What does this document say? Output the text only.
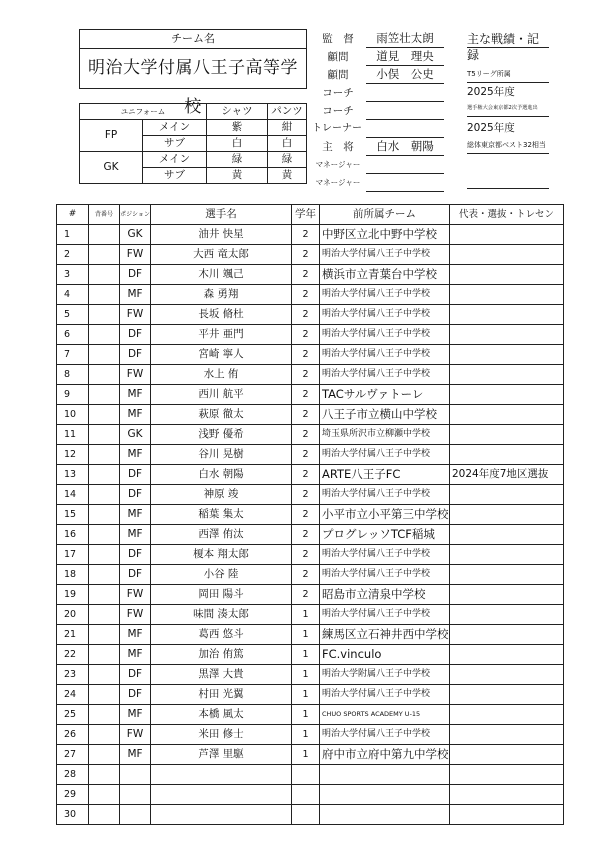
チーム名
明治大学付属八王子高等学校
監　督	雨笠壮太朗
顧問	道見　理央
顧問	小俣　公史
コーチ
コーチ
トレーナー
主　将	白水　朝陽
マネージャー
マネージャー
主な戦績・記録
T5リーグ所属
2025年度
選手権大会東京都2次予選進出
2025年度
総体東京都ベスト32相当
ユニフォーム		シャツ	パンツ
FP	メイン	紫	紺
	サブ	白	白
GK	メイン	緑	緑
	サブ	黄	黄
#	背番号	ポジション	選手名	学年	前所属チーム	代表・選抜・トレセン
1		GK	油井 快星	2	中野区立北中野中学校	
2		FW	大西 竜太郎	2	明治大学付属八王子中学校	
3		DF	木川 颯己	2	横浜市立青葉台中学校	
4		MF	森 勇翔	2	明治大学付属八王子中学校	
5		FW	長坂 脩杜	2	明治大学付属八王子中学校	
6		DF	平井 亜門	2	明治大学付属八王子中学校	
7		DF	宮崎 寧人	2	明治大学付属八王子中学校	
8		FW	水上 侑	2	明治大学付属八王子中学校	
9		MF	西川 航平	2	TACサルヴァトーレ	
10		MF	萩原 徹太	2	八王子市立横山中学校	
11		GK	浅野 優希	2	埼玉県所沢市立柳瀬中学校	
12		MF	谷川 晃樹	2	明治大学付属八王子中学校	
13		DF	白水 朝陽	2	ARTE八王子FC	2024年度7地区選抜
14		DF	神原 竣	2	明治大学付属八王子中学校	
15		MF	稲葉 集太	2	小平市立小平第三中学校	
16		MF	西澤 侑汰	2	プログレッソTCF稲城	
17		DF	榎本 翔太郎	2	明治大学付属八王子中学校	
18		DF	小谷 陸	2	明治大学付属八王子中学校	
19		FW	岡田 陽斗	2	昭島市立清泉中学校	
20		FW	味間 湊太郎	1	明治大学付属八王子中学校	
21		MF	葛西 悠斗	1	練馬区立石神井西中学校	
22		MF	加治 侑篤	1	FC.vinculo	
23		DF	黒澤 大貴	1	明治大学附属八王子中学校	
24		DF	村田 光翼	1	明治大学付属八王子中学校	
25		MF	本橋 風太	1	CHUO SPORTS ACADEMY U-15	
26		FW	米田 修士	1	明治大学付属八王子中学校	
27		MF	芦澤 里駆	1	府中市立府中第九中学校	
28						
29						
30						
